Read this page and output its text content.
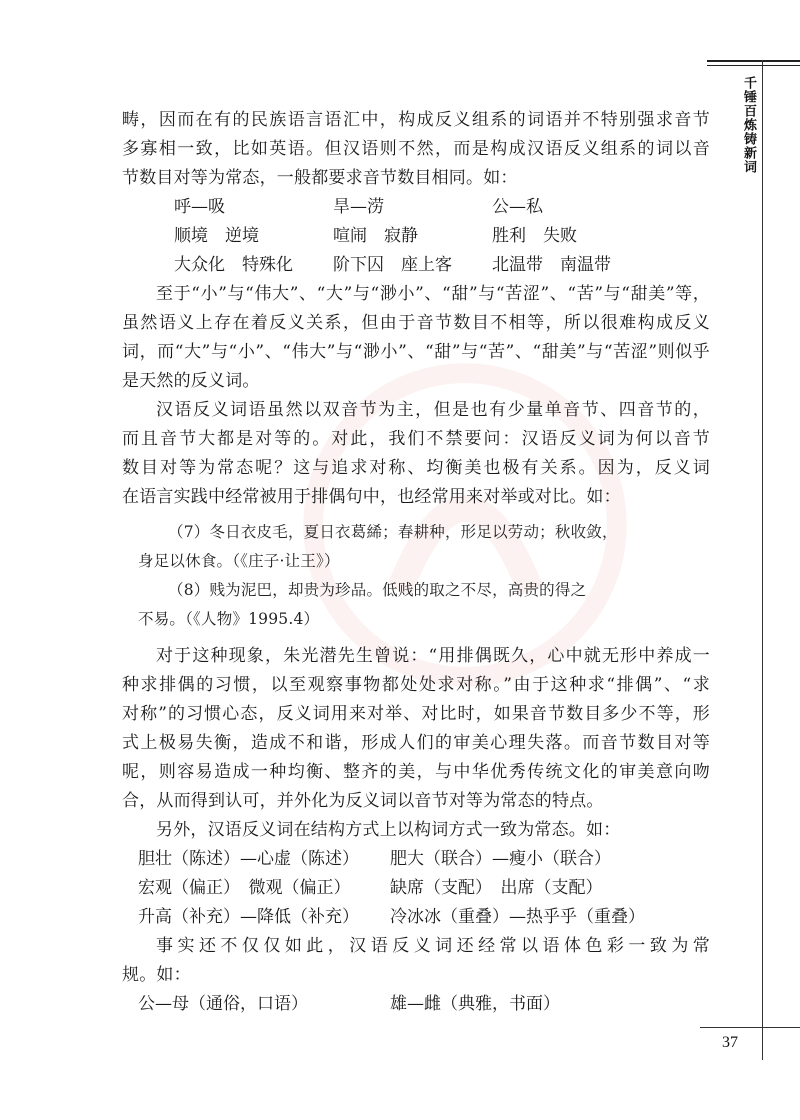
千锤百炼铸新词
37
畴，因而在有的民族语言语汇中，构成反义组系的词语并不特别强求音节
多寡相一致，比如英语。但汉语则不然，而是构成汉语反义组系的词以音
节数目对等为常态，一般都要求音节数目相同。如：
呼—吸	旱—涝	公—私
顺境　逆境	喧闹　寂静	胜利　失败
大众化　特殊化 阶下囚　座上客 北温带　南温带
至于“小”与“伟大”、“大”与“渺小”、“甜”与“苦涩”、“苦”与“甜美”等，
虽然语义上存在着反义关系，但由于音节数目不相等，所以很难构成反义
词，而“大”与“小”、“伟大”与“渺小”、“甜”与“苦”、“甜美”与“苦涩”则似乎
是天然的反义词。
汉语反义词语虽然以双音节为主，但是也有少量单音节、四音节的，
而且音节大都是对等的。对此，我们不禁要问：汉语反义词为何以音节
数目对等为常态呢？这与追求对称、均衡美也极有关系。因为，反义词
在语言实践中经常被用于排偶句中，也经常用来对举或对比。如：
（7）冬日衣皮毛，夏日衣葛絺；春耕种，形足以劳动；秋收敛，
身足以休食。（《庄子·让王》）
（8）贱为泥巴，却贵为珍品。低贱的取之不尽，高贵的得之
不易。（《人物》1995.4）
对于这种现象，朱光潜先生曾说：“用排偶既久，心中就无形中养成一
种求排偶的习惯，以至观察事物都处处求对称。”由于这种求“排偶”、“求
对称”的习惯心态，反义词用来对举、对比时，如果音节数目多少不等，形
式上极易失衡，造成不和谐，形成人们的审美心理失落。而音节数目对等
呢，则容易造成一种均衡、整齐的美，与中华优秀传统文化的审美意向吻
合，从而得到认可，并外化为反义词以音节对等为常态的特点。
另外，汉语反义词在结构方式上以构词方式一致为常态。如：
胆壮（陈述）—心虚（陈述） 肥大（联合）—瘦小（联合）
宏观（偏正）　微观（偏正） 缺席（支配）　出席（支配）
升高（补充）—降低（补充） 冷冰冰（重叠）—热乎乎（重叠）
事实还不仅仅如此，汉语反义词还经常以语体色彩一致为常
规。如：
公—母（通俗，口语）	雄—雌（典雅，书面）
